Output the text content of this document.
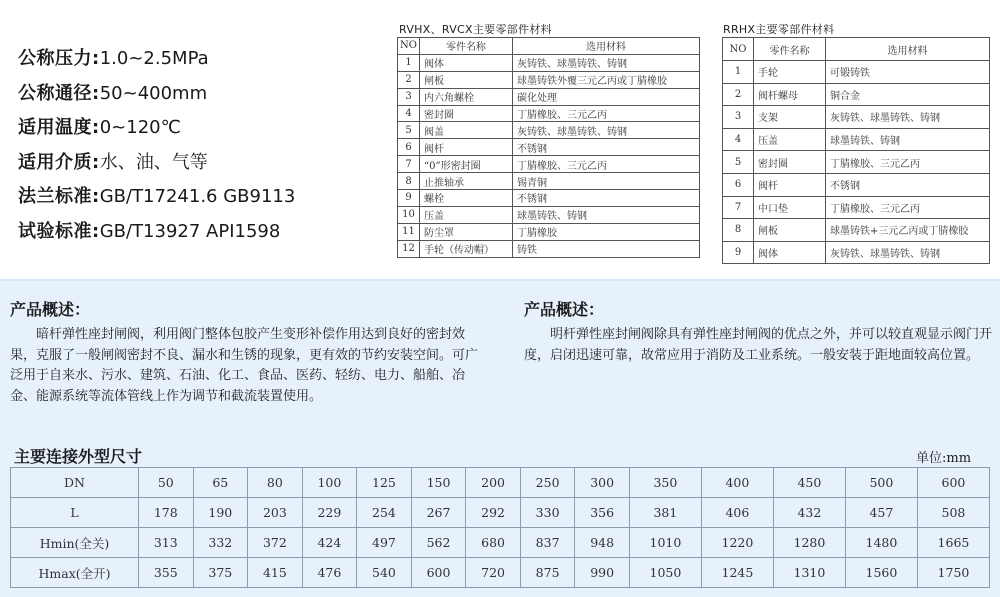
公称压力:1.0~2.5MPa
公称通径:50~400mm
适用温度:0~120℃
适用介质:水、油、气等
法兰标准:GB/T17241.6 GB9113
试验标准:GB/T13927 API1598
RVHX、RVCX主要零部件材料
NO	零件名称	选用材料
1	阀体	灰铸铁、球墨铸铁、铸钢
2	闸板	球墨铸铁外覆三元乙丙或丁腈橡胶
3	内六角螺栓	碳化处理
4	密封圈	丁腈橡胶、三元乙丙
5	阀盖	灰铸铁、球墨铸铁、铸钢
6	阀杆	不锈钢
7	“0”形密封圈	丁腈橡胶、三元乙丙
8	止推轴承	锡青铜
9	螺栓	不锈钢
10	压盖	球墨铸铁、铸钢
11	防尘罩	丁腈橡胶
12	手轮（传动帽）	铸铁
RRHX主要零部件材料
NO	零件名称	选用材料
1	手轮	可锻铸铁
2	阀杆螺母	铜合金
3	支架	灰铸铁、球墨铸铁、铸钢
4	压盖	球墨铸铁、铸钢
5	密封圈	丁腈橡胶、三元乙丙
6	阀杆	不锈钢
7	中口垫	丁腈橡胶、三元乙丙
8	闸板	球墨铸铁+三元乙丙或丁腈橡胶
9	阀体	灰铸铁、球墨铸铁、铸钢
产品概述：

暗杆弹性座封闸阀，利用阀门整体包胶产生变形补偿作用达到良好的密封效果，克服了一般闸阀密封不良、漏水和生锈的现象，更有效的节约安装空间。可广泛用于自来水、污水、建筑、石油、化工、食品、医药、轻纺、电力、船舶、冶金、能源系统等流体管线上作为调节和截流装置使用。

产品概述：

明杆弹性座封闸阀除具有弹性座封闸阀的优点之外，并可以较直观显示阀门开度，启闭迅速可靠，故常应用于消防及工业系统。一般安装于距地面较高位置。

主要连接外型尺寸	单位:mm
DN	50	65	80	100	125	150	200	250	300	350	400	450	500	600
L	178	190	203	229	254	267	292	330	356	381	406	432	457	508
Hmin(全关)	313	332	372	424	497	562	680	837	948	1010	1220	1280	1480	1665
Hmax(全开)	355	375	415	476	540	600	720	875	990	1050	1245	1310	1560	1750
